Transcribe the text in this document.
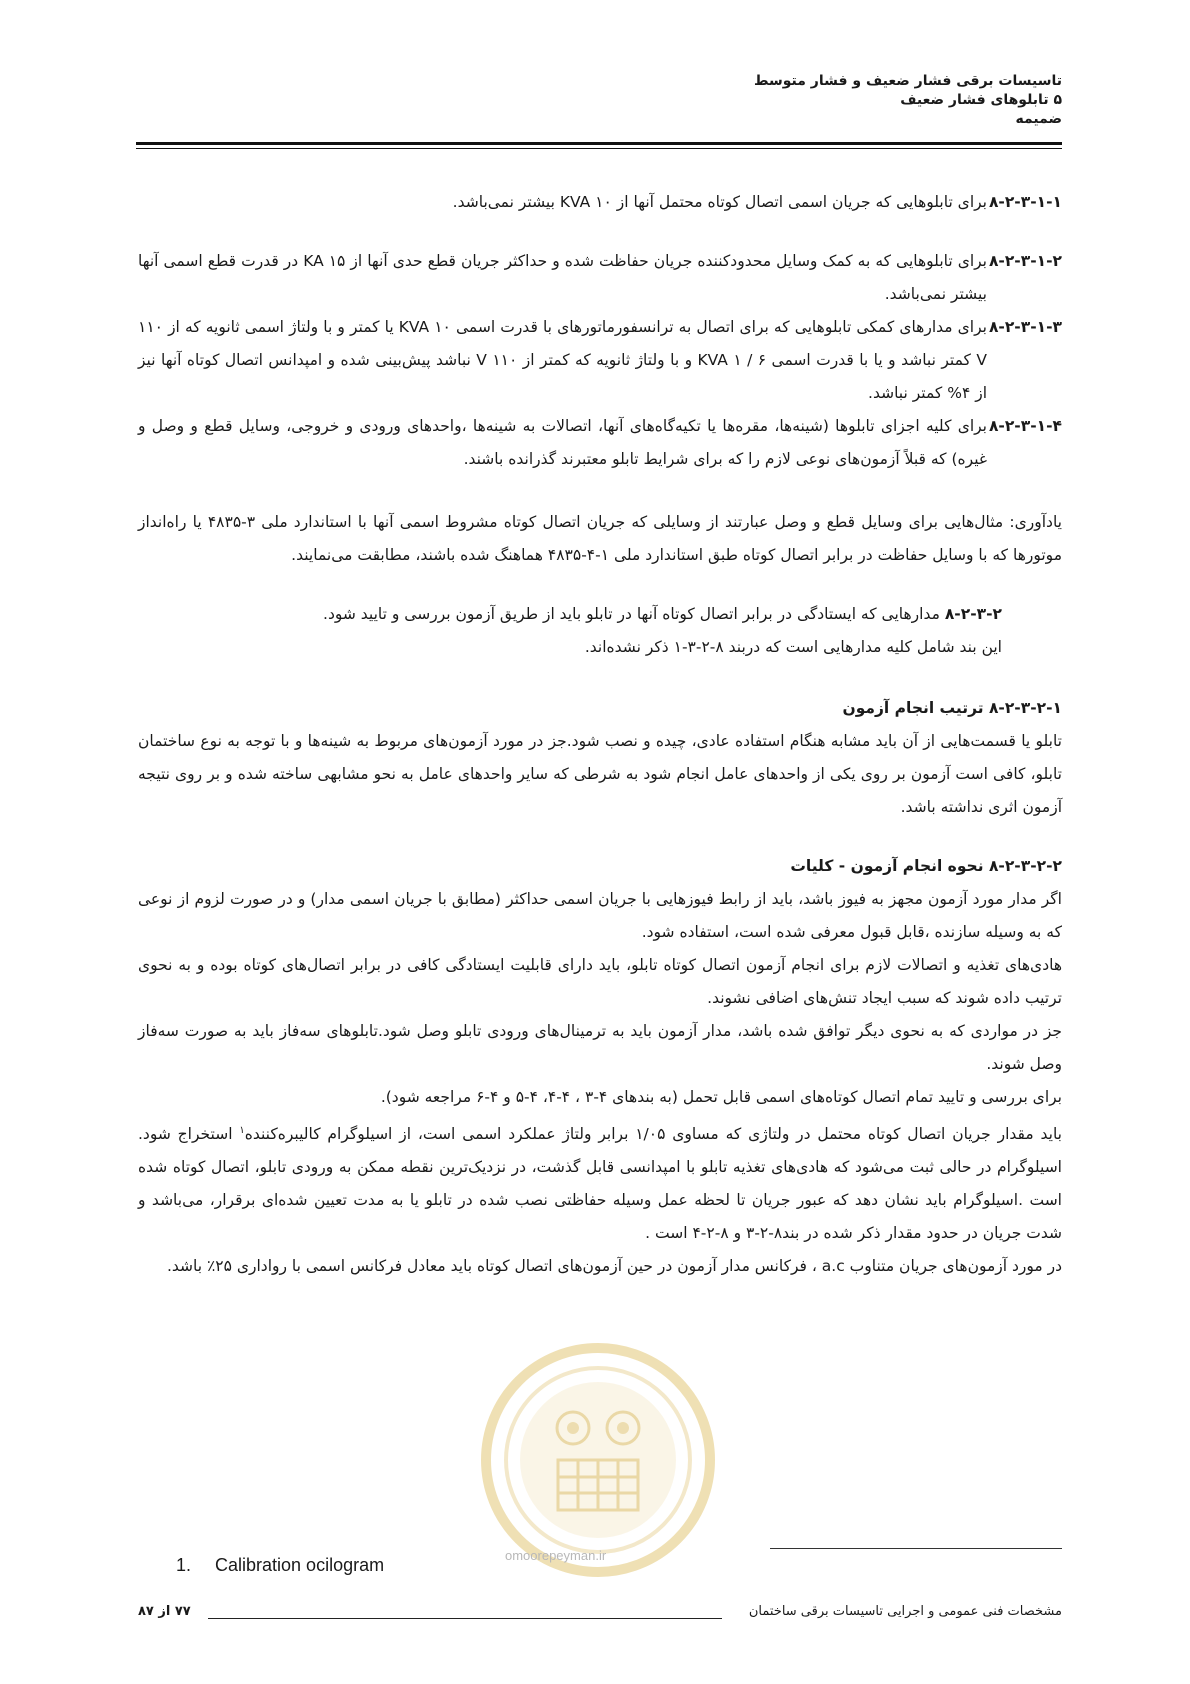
تاسیسات برقی فشار ضعیف و فشار متوسط
۵ تابلوهای فشار ضعیف
ضمیمه
۸-۲-۳-۱-۱
برای تابلوهایی که جریان اسمی اتصال کوتاه محتمل آنها از KVA ۱۰ بیشتر نمی‌باشد.
۸-۲-۳-۱-۲
برای تابلوهایی که به کمک وسایل محدودکننده جریان حفاظت شده و حداکثر جریان قطع حدی آنها از KA ۱۵ در قدرت قطع اسمی آنها بیشتر نمی‌باشد.
۸-۲-۳-۱-۳
برای مدارهای کمکی تابلوهایی که برای اتصال به ترانسفورماتورهای با قدرت اسمی KVA ۱۰ یا کمتر و با ولتاژ اسمی ثانویه که از ۱۱۰ V کمتر نباشد و یا با قدرت اسمی KVA ۱ / ۶ و با ولتاژ ثانویه که کمتر از ۱۱۰ V نباشد پیش‌بینی شده و امپدانس اتصال کوتاه آنها نیز از ۴% کمتر نباشد.
۸-۲-۳-۱-۴
برای کلیه اجزای تابلوها (شینه‌ها، مقره‌ها یا تکیه‌گاه‌های آنها، اتصالات به شینه‌ها ،واحدهای ورودی و خروجی، وسایل قطع و وصل و غیره) که قبلاً آزمون‌های نوعی لازم را که برای شرایط تابلو معتبرند گذرانده باشند.
یادآوری: مثال‌هایی برای وسایل قطع و وصل عبارتند از وسایلی که جریان اتصال کوتاه مشروط اسمی آنها با استاندارد ملی ۳-۴۸۳۵ یا راه‌انداز موتورها که با وسایل حفاظت در برابر اتصال کوتاه طبق استاندارد ملی ۱-۴-۴۸۳۵ هماهنگ شده باشند، مطابقت می‌نمایند.
۸-۲-۳-۲ مدارهایی که ایستادگی در برابر اتصال کوتاه آنها در تابلو باید از طریق آزمون بررسی و تایید شود.
این بند شامل کلیه مدارهایی است که دربند ۸-۲-۳-۱ ذکر نشده‌اند.
۸-۲-۳-۲-۱ ترتیب انجام آزمون
تابلو یا قسمت‌هایی از آن باید مشابه هنگام استفاده عادی، چیده و نصب شود.جز در مورد آزمون‌های مربوط به شینه‌ها و با توجه به نوع ساختمان تابلو، کافی است آزمون بر روی یکی از واحدهای عامل انجام شود به شرطی که سایر واحدهای عامل به نحو مشابهی ساخته شده و بر روی نتیجه آزمون اثری نداشته باشد.
۸-۲-۳-۲-۲ نحوه انجام آزمون - کلیات
اگر مدار مورد آزمون مجهز به فیوز باشد، باید از رابط فیوزهایی با جریان اسمی حداکثر (مطابق با جریان اسمی مدار) و در صورت لزوم از نوعی که به وسیله سازنده ،قابل قبول معرفی شده است، استفاده شود.
هادی‌های تغذیه و اتصالات لازم برای انجام آزمون اتصال کوتاه تابلو، باید دارای قابلیت ایستادگی کافی در برابر اتصال‌های کوتاه بوده و به نحوی ترتیب داده شوند که سبب ایجاد تنش‌های اضافی نشوند.
جز در مواردی که به نحوی دیگر توافق شده باشد، مدار آزمون باید به ترمینال‌های ورودی تابلو وصل شود.تابلوهای سه‌فاز باید به صورت سه‌فاز وصل شوند.
برای بررسی و تایید تمام اتصال کوتاه‌های اسمی قابل تحمل (به بندهای ۴-۳ ، ۴-۴، ۴-۵ و ۴-۶ مراجعه شود).
باید مقدار جریان اتصال کوتاه محتمل در ولتاژی که مساوی ۱/۰۵ برابر ولتاژ عملکرد اسمی است، از اسیلوگرام کالیبره‌کننده$^۱$ استخراج شود. اسیلوگرام در حالی ثبت می‌شود که هادی‌های تغذیه تابلو با امپدانسی قابل گذشت، در نزدیک‌ترین نقطه ممکن به ورودی تابلو، اتصال کوتاه شده است .اسیلوگرام باید نشان دهد که عبور جریان تا لحظه عمل وسیله حفاظتی نصب شده در تابلو یا به مدت تعیین شده‌ای برقرار، می‌باشد و شدت جریان در حدود مقدار ذکر شده در بند۸-۲-۳ و ۸-۲-۴ است .
در مورد آزمون‌های جریان متناوب a.c ، فرکانس مدار آزمون در حین آزمون‌های اتصال کوتاه باید معادل فرکانس اسمی با رواداری ۲۵٪ باشد.
omoorepeyman.ir
1. Calibration ocilogram
مشخصات فنی عمومی و اجرایی تاسیسات برقی ساختمان
۷۷ از ۸۷
